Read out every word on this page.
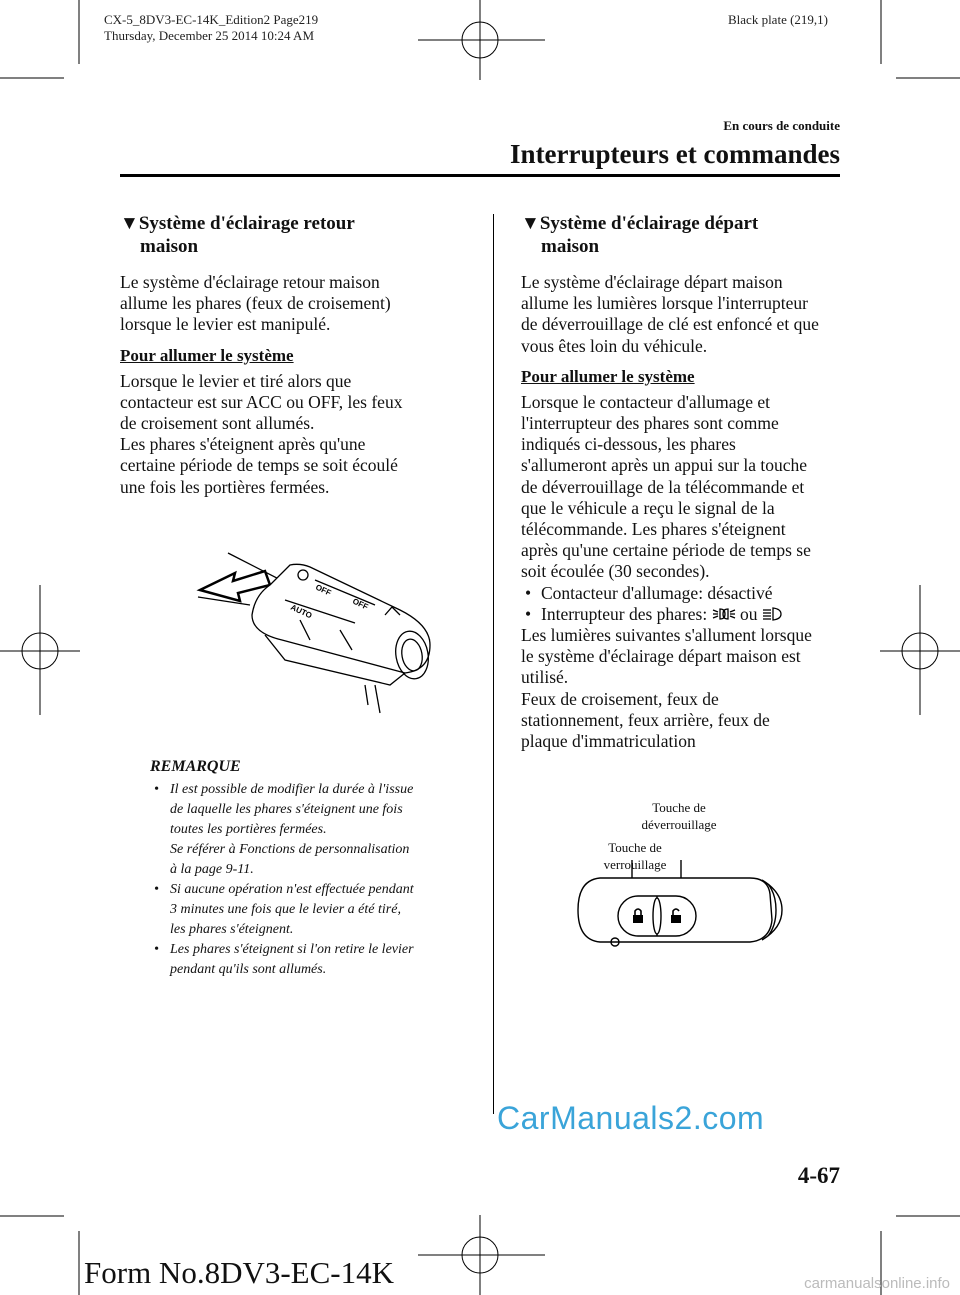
CX-5_8DV3-EC-14K_Edition2 Page219
Thursday, December 25 2014 10:24 AM
Black plate (219,1)
En cours de conduite
Interrupteurs et commandes
▼Système d'éclairage retour
maison

Le système d'éclairage retour maison

allume les phares (feux de croisement)

lorsque le levier est manipulé.

Pour allumer le système

Lorsque le levier et tiré alors que

contacteur est sur ACC ou OFF, les feux

de croisement sont allumés.

Les phares s'éteignent après qu'une

certaine période de temps se soit écoulé

une fois les portières fermées.

OFF
AUTO	OFF
REMARQUE
• Il est possible de modifier la durée à l'issue
de laquelle les phares s'éteignent une fois
toutes les portières fermées.
Se référer à Fonctions de personnalisation
à la page 9-11.
• Si aucune opération n'est effectuée pendant
3 minutes une fois que le levier a été tiré,
les phares s'éteignent.
• Les phares s'éteignent si l'on retire le levier
pendant qu'ils sont allumés.
▼Système d'éclairage départ
maison

Le système d'éclairage départ maison

allume les lumières lorsque l'interrupteur

de déverrouillage de clé est enfoncé et que

vous êtes loin du véhicule.

Pour allumer le système

Lorsque le contacteur d'allumage et

l'interrupteur des phares sont comme

indiqués ci-dessous, les phares

s'allumeront après un appui sur la touche

de déverrouillage de la télécommande et

que le véhicule a reçu le signal de la

télécommande. Les phares s'éteignent

après qu'une certaine période de temps se

soit écoulée (30 secondes).

• Contacteur d'allumage: désactivé
• Interrupteur des phares: ou

Les lumières suivantes s'allument lorsque

le système d'éclairage départ maison est

utilisé.

Feux de croisement, feux de

stationnement, feux arrière, feux de

plaque d'immatriculation

Touche de
déverrouillage
Touche de
verrouillage
CarManuals2.com
4-67
Form No.8DV3-EC-14K	carmanualsonline.info
